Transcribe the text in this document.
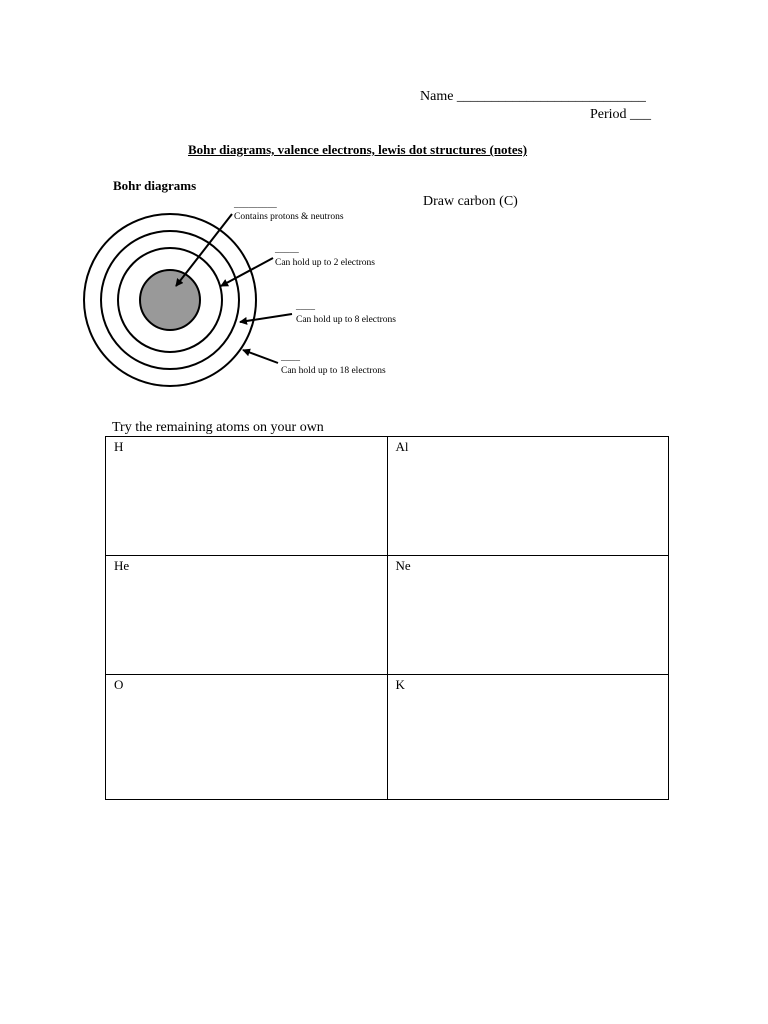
Name ___________________________
Period ___
Bohr diagrams, valence electrons, lewis dot structures (notes)
Bohr diagrams
Draw carbon (C)
_________
Contains protons & neutrons
_____
Can hold up to 2 electrons
____
Can hold up to 8 electrons
____
Can hold up to 18 electrons
Try the remaining atoms on your own
H	Al
He	Ne
O	K
